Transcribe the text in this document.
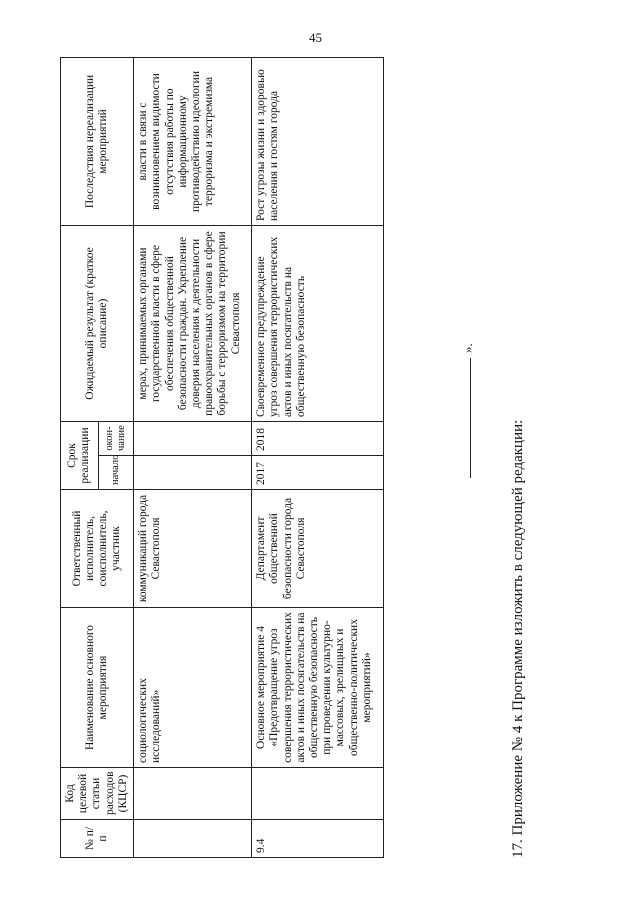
45
№ п/п	Код целевой статьи расходов (КЦСР)	Наименование основного мероприятия	Ответственный исполнитель, соисполнитель, участник	Срок реализации		Ожидаемый результат (краткое описание)	Последствия нереализации мероприятий
				начало	окон-чание		
		социологических исследований»	коммуникаций города Севастополя			мерах, принимаемых органами государственной власти в сфере обеспечения общественной безопасности граждан. Укрепление доверия населения к деятельности правоохранительных органов в сфере борьбы с терроризмом на территории Севастополя	власти в связи с возникновением видимости отсутствия работы по информационному противодействию идеологии терроризма и экстремизма
9.4		Основное мероприятие 4 «Предотвращение угроз совершения террористических актов и иных посягательств на общественную безопасность при проведении культурно-массовых, зрелищных и общественно-политических мероприятий»	Департамент общественной безопасности города Севастополя	2017	2018	Своевременное предупреждение угроз совершения террористических актов и иных посягательств на общественную безопасность	Рост угрозы жизни и здоровью населения и гостям города
».
17. Приложение № 4 к Программе изложить в следующей редакции:
